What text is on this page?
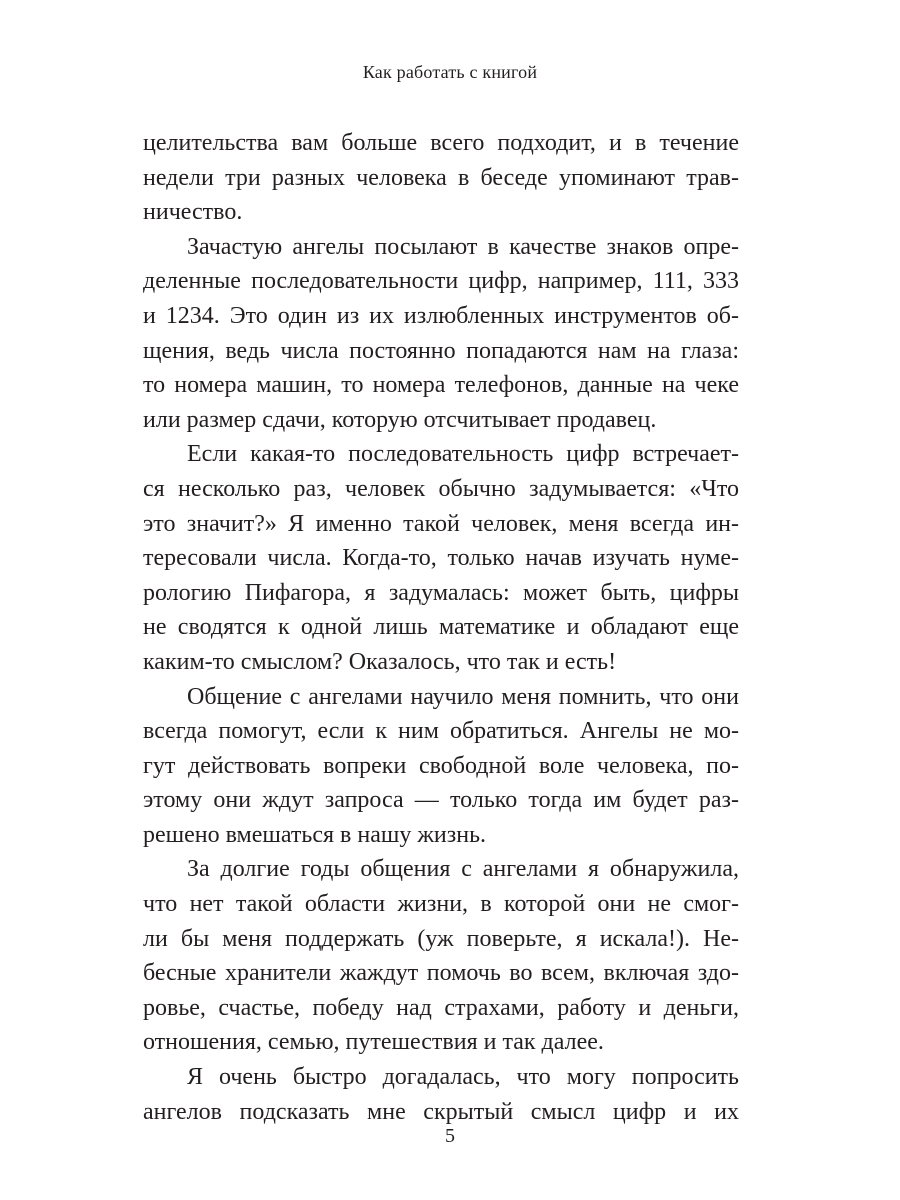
Как работать с книгой
целительства вам больше всего подходит, и в течение
недели три разных человека в беседе упоминают трав-
ничество.
Зачастую ангелы посылают в качестве знаков опре-
деленные последовательности цифр, например, 111, 333
и 1234. Это один из их излюбленных инструментов об-
щения, ведь числа постоянно попадаются нам на глаза:
то номера машин, то номера телефонов, данные на чеке
или размер сдачи, которую отсчитывает продавец.
Если какая-то последовательность цифр встречает-
ся несколько раз, человек обычно задумывается: «Что
это значит?» Я именно такой человек, меня всегда ин-
тересовали числа. Когда-то, только начав изучать нуме-
рологию Пифагора, я задумалась: может быть, цифры
не сводятся к одной лишь математике и обладают еще
каким-то смыслом? Оказалось, что так и есть!
Общение с ангелами научило меня помнить, что они
всегда помогут, если к ним обратиться. Ангелы не мо-
гут действовать вопреки свободной воле человека, по-
этому они ждут запроса — только тогда им будет раз-
решено вмешаться в нашу жизнь.
За долгие годы общения с ангелами я обнаружила,
что нет такой области жизни, в которой они не смог-
ли бы меня поддержать (уж поверьте, я искала!). Не-
бесные хранители жаждут помочь во всем, включая здо-
ровье, счастье, победу над страхами, работу и деньги,
отношения, семью, путешествия и так далее.
Я очень быстро догадалась, что могу попросить
ангелов подсказать мне скрытый смысл цифр и их
5
